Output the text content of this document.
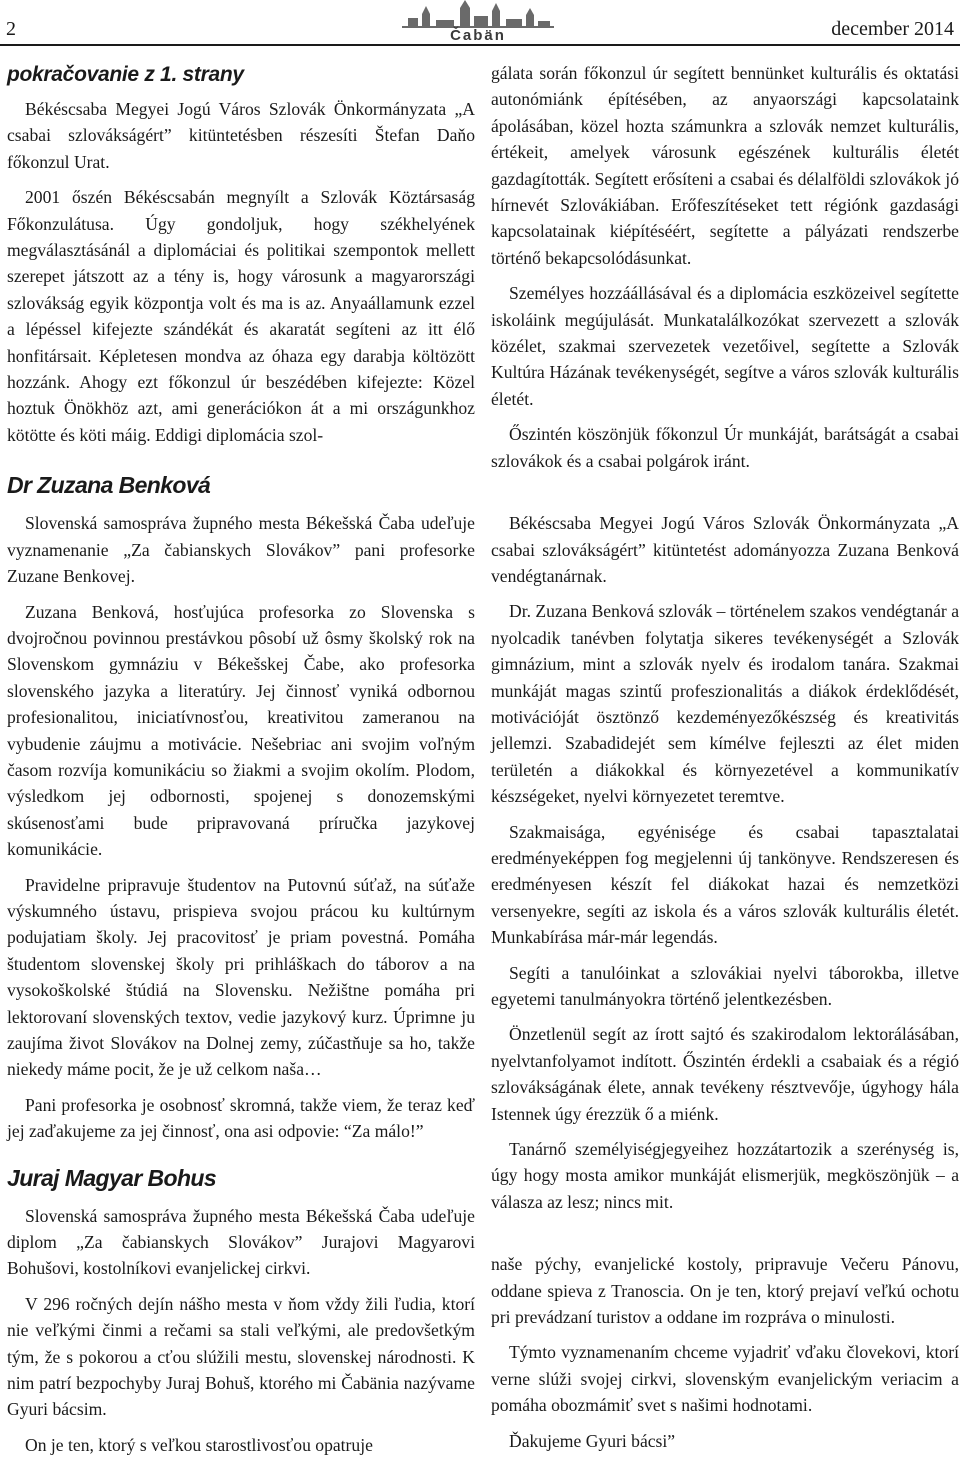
2	Čabän	december 2014
pokračovanie z 1. strany

Békéscsaba Megyei Jogú Város Szlovák Önkormányzata „A csabai szlovákságért” kitüntetésben részesíti Štefan Daňo főkonzul Urat.

2001 őszén Békéscsabán megnyílt a Szlovák Köztársaság Főkonzulátusa. Úgy gondoljuk, hogy székhelyének megválasztásánál a diplomáciai és politikai szempontok mellett szerepet játszott az a tény is, hogy városunk a magyarországi szlovákság egyik központja volt és ma is az. Anyaállamunk ezzel a lépéssel kifejezte szándékát és akaratát segíteni az itt élő honfitársait. Képletesen mondva az óhaza egy darabja költözött hozzánk. Ahogy ezt főkonzul úr beszédében kifejezte: Közel hoztuk Önökhöz azt, ami generációkon át a mi országunkhoz kötötte és köti máig. Eddigi diplomácia szol-

Dr Zuzana Benková

Slovenská samospráva župného mesta Békešská Čaba udeľuje vyznamenanie „Za čabianskych Slovákov” pani profesorke Zuzane Benkovej.

Zuzana Benková, hosťujúca profesorka zo Slovenska s dvojročnou povinnou prestávkou pôsobí už ôsmy školský rok na Slovenskom gymnáziu v Békešskej Čabe, ako profesorka slovenského jazyka a literatúry. Jej činnosť vyniká odbornou profesionalitou, iniciatívnosťou, kreativitou zameranou na vybudenie záujmu a motivácie. Nešebriac ani svojim voľným časom rozvíja komunikáciu so žiakmi a svojim okolím. Plodom, výsledkom jej odbornosti, spojenej s donozemskými skúsenosťami bude pripravovaná príručka jazykovej komunikácie.

Pravidelne pripravuje študentov na Putovnú súťaž, na súťaže výskumného ústavu, prispieva svojou prácou ku kultúrnym podujatiam školy. Jej pracovitosť je priam povestná. Pomáha študentom slovenskej školy pri prihláškach do táborov a na vysokoškolské štúdiá na Slovensku. Nežištne pomáha pri lektorovaní slovenských textov, vedie jazykový kurz. Úprimne ju zaujíma život Slovákov na Dolnej zemy, zúčastňuje sa ho, takže niekedy máme pocit, že je už celkom naša…

Pani profesorka je osobnosť skromná, takže viem, že teraz keď jej zaďakujeme za jej činnosť, ona asi odpovie: “Za málo!”

Juraj Magyar Bohus

Slovenská samospráva župného mesta Békešská Čaba udeľuje diplom „Za čabianskych Slovákov” Jurajovi Magyarovi Bohušovi, kostolníkovi evanjelickej cirkvi.

V 296 ročných dejín nášho mesta v ňom vždy žili ľudia, ktorí nie veľkými činmi a rečami sa stali veľkými, ale predovšetkým tým, že s pokorou a cťou slúžili mestu, slovenskej národnosti. K nim patrí bezpochyby Juraj Bohuš, ktorého mi Čabänia nazývame Gyuri bácsim.

On je ten, ktorý s veľkou starostlivosťou opatruje

gálata során főkonzul úr segített bennünket kulturális és oktatási autonómiánk építésében, az anyaországi kapcsolataink ápolásában, közel hozta számunkra a szlovák nemzet kulturális, értékeit, amelyek városunk egészének kulturális életét gazdagították. Segített erősíteni a csabai és délalföldi szlovákok jó hírnevét Szlovákiában. Erőfeszítéseket tett régiónk gazdasági kapcsolatainak kiépítéséért, segítette a pályázati rendszerbe történő bekapcsolódásunkat.

Személyes hozzáállásával és a diplomácia eszközeivel segítette iskoláink megújulását. Munkatalálkozókat szervezett a szlovák közélet, szakmai szervezetek vezetőivel, segítette a Szlovák Kultúra Házának tevékenységét, segítve a város szlovák kulturális életét.

Őszintén köszönjük főkonzul Úr munkáját, barátságát a csabai szlovákok és a csabai polgárok iránt.

Békéscsaba Megyei Jogú Város Szlovák Önkormányzata „A csabai szlovákságért” kitüntetést adományozza Zuzana Benková vendégtanárnak.

Dr. Zuzana Benková szlovák – történelem szakos vendégtanár a nyolcadik tanévben folytatja sikeres tevékenységét a Szlovák gimnázium, mint a szlovák nyelv és irodalom tanára. Szakmai munkáját magas szintű profeszionalitás a diákok érdeklődését, motivációját ösztönző kezdeményezőkészség és kreativitás jellemzi. Szabadidejét sem kímélve fejleszti az élet miden területén a diákokkal és környezetével a kommunikatív készségeket, nyelvi környezetet teremtve.

Szakmaisága, egyénisége és csabai tapasztalatai eredményeképpen fog megjelenni új tankönyve. Rendszeresen és eredményesen készít fel diákokat hazai és nemzetközi versenyekre, segíti az iskola és a város szlovák kulturális életét. Munkabírása már-már legendás.

Segíti a tanulóinkat a szlovákiai nyelvi táborokba, illetve egyetemi tanulmányokra történő jelentkezésben.

Önzetlenül segít az írott sajtó és szakirodalom lektorálásában, nyelvtanfolyamot indított. Őszintén érdekli a csabaiak és a régió szlovákságának élete, annak tevékeny résztvevője, úgyhogy hála Istennek úgy érezzük ő a miénk.

Tanárnő személyiségjegyeihez hozzátartozik a szerénység is, úgy hogy mosta amikor munkáját elismerjük, megköszönjük – a válasza az lesz; nincs mit.

naše pýchy, evanjelické kostoly, pripravuje Večeru Pánovu, oddane spieva z Tranoscia. On je ten, ktorý prejaví veľkú ochotu pri prevádzaní turistov a oddane im rozpráva o minulosti.

Týmto vyznamenaním chceme vyjadriť vďaku človekovi, ktorí verne slúži svojej cirkvi, slovenským evanjelickým veriacim a pomáha obozmámiť svet s našimi hodnotami.

Ďakujeme Gyuri bácsi”
